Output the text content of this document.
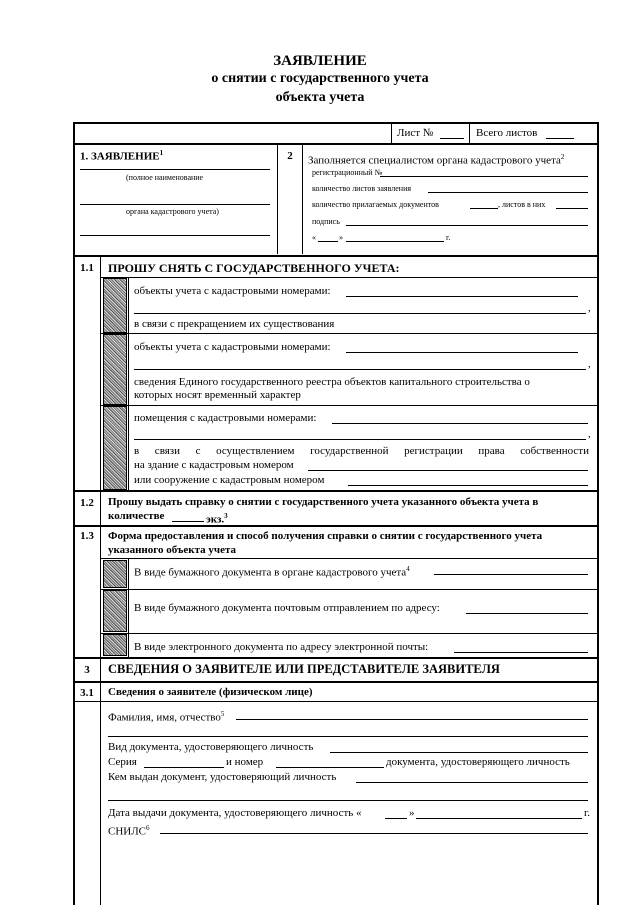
ЗАЯВЛЕНИЕ
о снятии с государственного учета
объекта учета
Лист №	Всего листов
1. ЗАЯВЛЕНИЕ$^1$
(полное наименование
органа кадастрового учета)
2	Заполняется специалистом органа кадастрового учета$^2$
регистрационный №
количество листов заявления
количество прилагаемых документов	, листов в них
подпись
«	»	г.
1.1	ПРОШУ СНЯТЬ С ГОСУДАРСТВЕННОГО УЧЕТА:
объекты учета с кадастровыми номерами:
,
в связи с прекращением их существования
объекты учета с кадастровыми номерами:
,
сведения Единого государственного реестра объектов капитального строительства о
которых носят временный характер
помещения с кадастровыми номерами:
,
в связи с осуществлением государственной регистрации права собственности
на здание с кадастровым номером
или сооружение с кадастровым номером
1.2	Прошу выдать справку о снятии с государственного учета указанного объекта учета в
количестве	экз.$^3$
1.3	Форма предоставления и способ получения справки о снятии с государственного учета
указанного объекта учета
В виде бумажного документа в органе кадастрового учета$^4$
В виде бумажного документа почтовым отправлением по адресу:
В виде электронного документа по адресу электронной почты:
3	СВЕДЕНИЯ О ЗАЯВИТЕЛЕ ИЛИ ПРЕДСТАВИТЕЛЕ ЗАЯВИТЕЛЯ
3.1	Сведения о заявителе (физическом лице)
Фамилия, имя, отчество$^5$
Вид документа, удостоверяющего личность
Серия	и номер	документа, удостоверяющего личность
Кем выдан документ, удостоверяющий личность
Дата выдачи документа, удостоверяющего личность «	»	г.
СНИЛС$^6$
